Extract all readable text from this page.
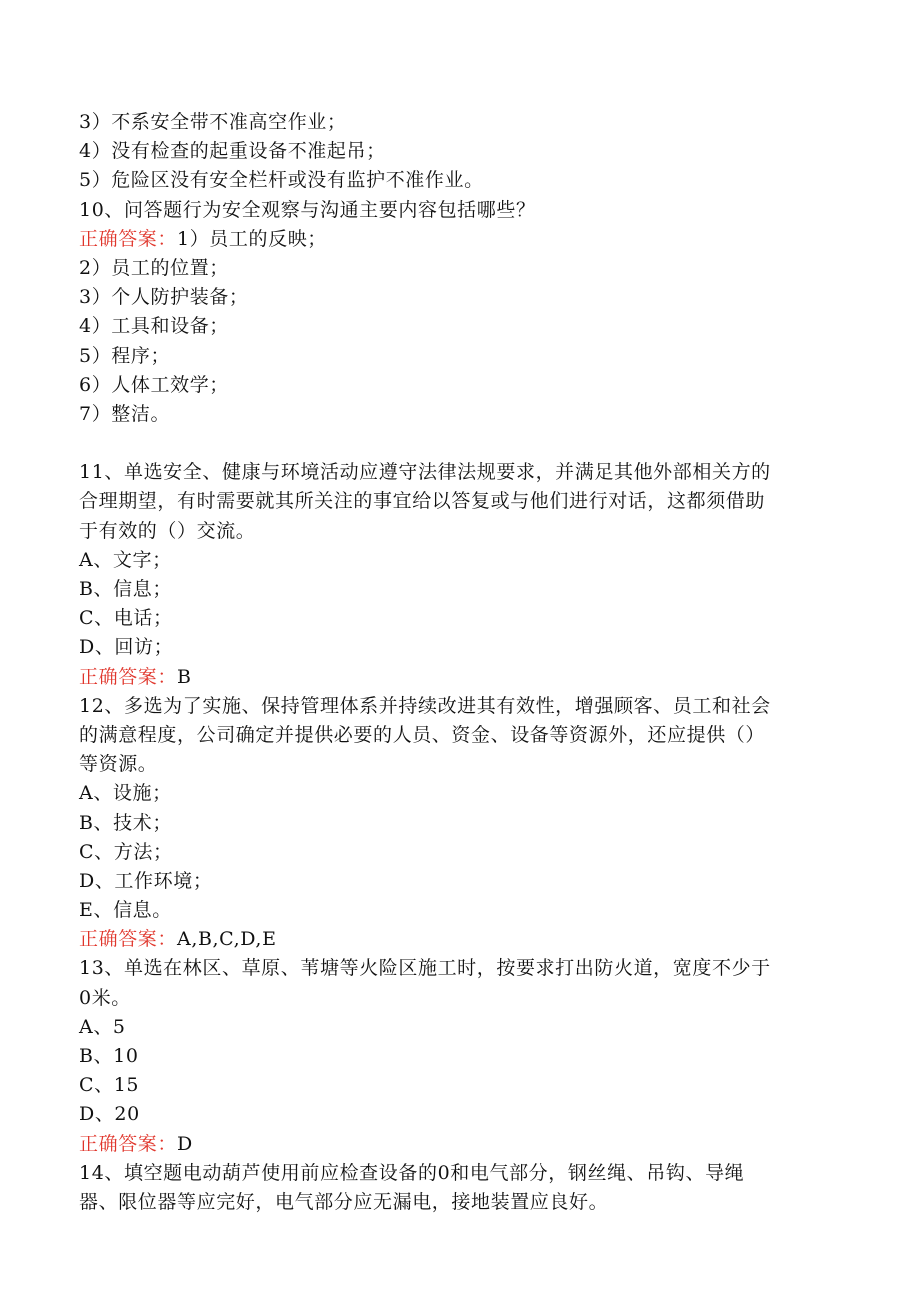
3）不系安全带不准高空作业；
4）没有检查的起重设备不准起吊；
5）危险区没有安全栏杆或没有监护不准作业。
10、问答题行为安全观察与沟通主要内容包括哪些？
正确答案：1）员工的反映；
2）员工的位置；
3）个人防护装备；
4）工具和设备；
5）程序；
6）人体工效学；
7）整洁。
11、单选安全、健康与环境活动应遵守法律法规要求，并满足其他外部相关方的
合理期望，有时需要就其所关注的事宜给以答复或与他们进行对话，这都须借助
于有效的（）交流。
A、文字；
B、信息；
C、电话；
D、回访；
正确答案：B
12、多选为了实施、保持管理体系并持续改进其有效性，增强顾客、员工和社会
的满意程度，公司确定并提供必要的人员、资金、设备等资源外，还应提供（）
等资源。
A、设施；
B、技术；
C、方法；
D、工作环境；
E、信息。
正确答案：A,B,C,D,E
13、单选在林区、草原、苇塘等火险区施工时，按要求打出防火道，宽度不少于
0米。
A、5
B、10
C、15
D、20
正确答案：D
14、填空题电动葫芦使用前应检查设备的0和电气部分，钢丝绳、吊钩、导绳
器、限位器等应完好，电气部分应无漏电，接地装置应良好。
